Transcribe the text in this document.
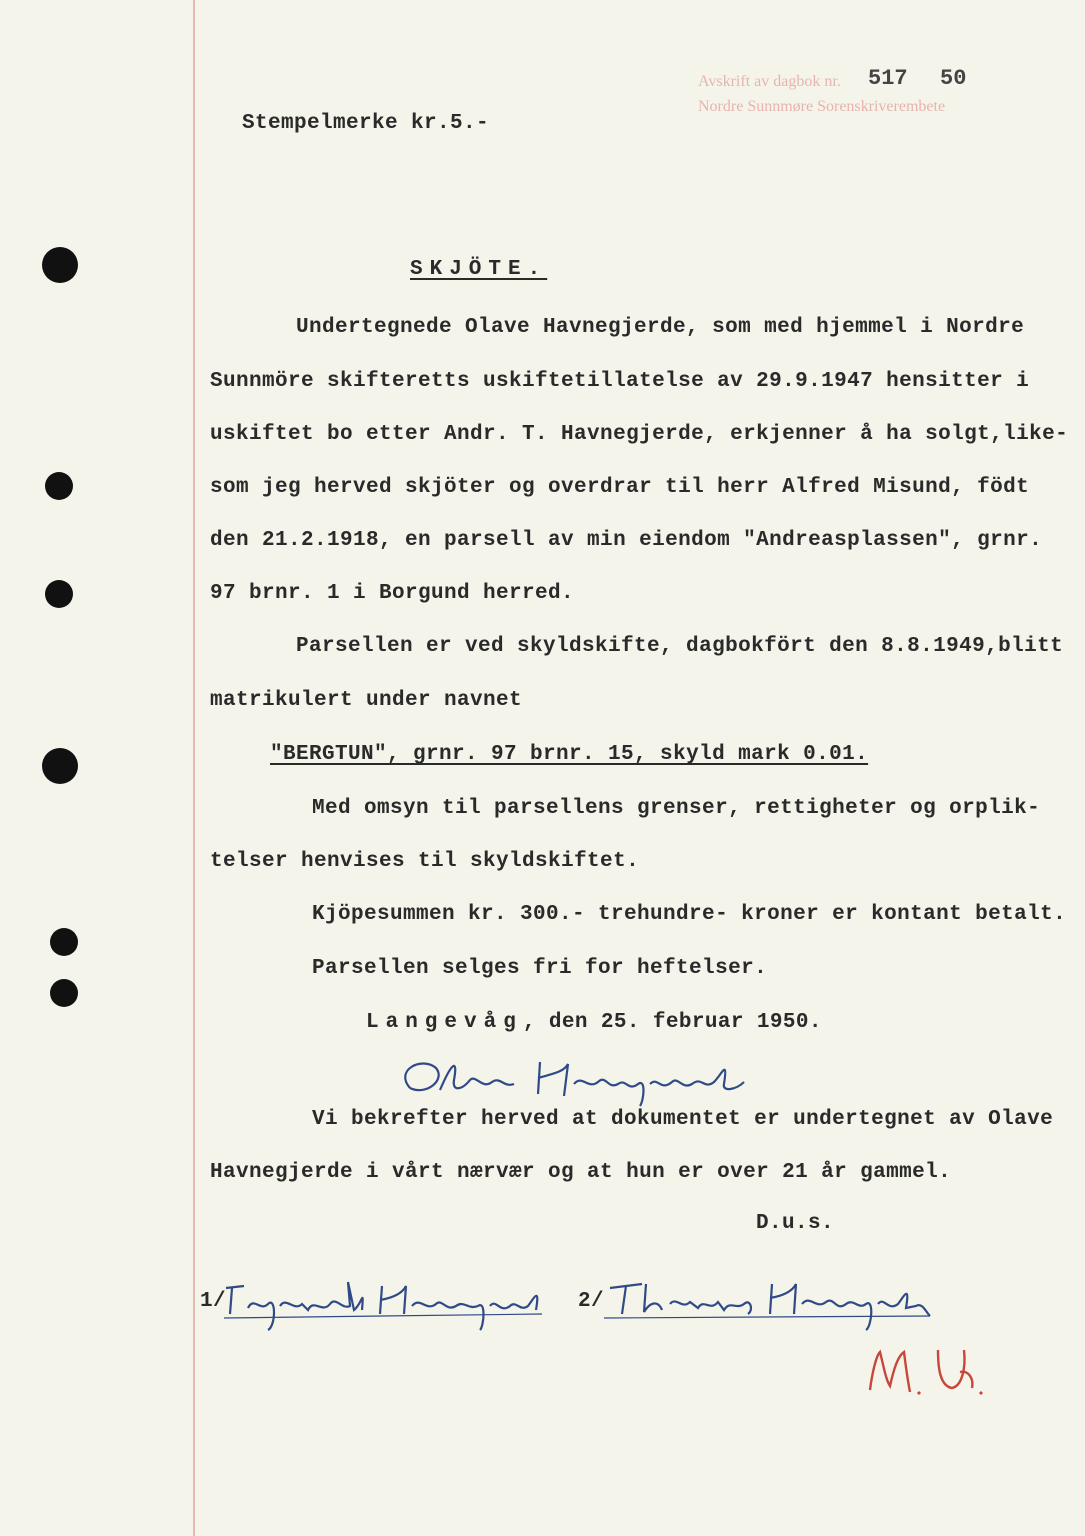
Avskrift av dagbok nr. 517 50
Nordre Sunnmøre Sorenskriverembete
Stempelmerke kr.5.-
SKJÖTE.
Undertegnede Olave Havnegjerde, som med hjemmel i Nordre
Sunnmöre skifteretts uskiftetillatelse av 29.9.1947 hensitter i
uskiftet bo etter Andr. T. Havnegjerde, erkjenner å ha solgt,like-
som jeg herved skjöter og overdrar til herr Alfred Misund, födt
den 21.2.1918, en parsell av min eiendom "Andreasplassen", grnr.
97 brnr. 1 i Borgund herred.
Parsellen er ved skyldskifte, dagbokfört den 8.8.1949,blitt
matrikulert under navnet
"BERGTUN", grnr. 97 brnr. 15, skyld mark 0.01.
Med omsyn til parsellens grenser, rettigheter og orplik-
telser henvises til skyldskiftet.
Kjöpesummen kr. 300.- trehundre- kroner er kontant betalt.
Parsellen selges fri for heftelser.
Langevåg, den 25. februar 1950.
Vi bekrefter herved at dokumentet er undertegnet av Olave
Havnegjerde i vårt nærvær og at hun er over 21 år gammel.
D.u.s.
1/	2/
